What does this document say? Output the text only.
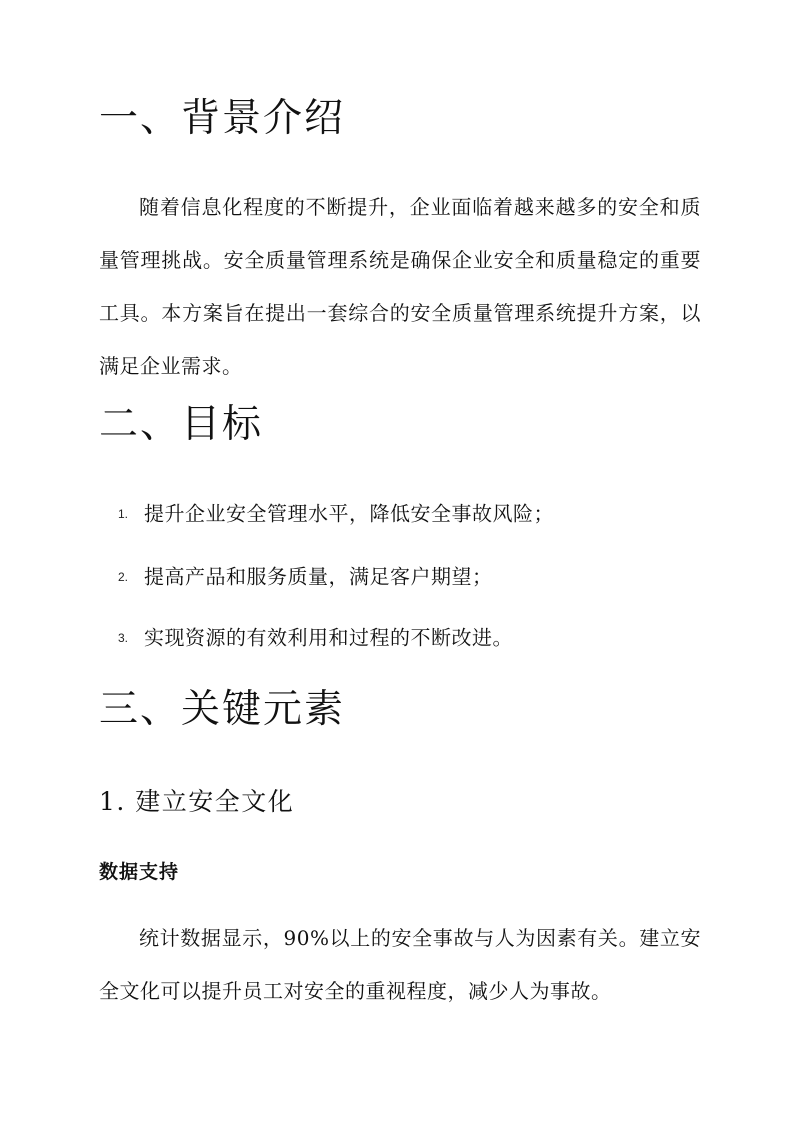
一、背景介绍

随着信息化程度的不断提升，企业面临着越来越多的安全和质量管理挑战。安全质量管理系统是确保企业安全和质量稳定的重要工具。本方案旨在提出一套综合的安全质量管理系统提升方案，以满足企业需求。

二、目标
1. 提升企业安全管理水平，降低安全事故风险；
2. 提高产品和服务质量，满足客户期望；
3. 实现资源的有效利用和过程的不断改进。
三、关键元素
1. 建立安全文化
数据支持

统计数据显示，90%以上的安全事故与人为因素有关。建立安全文化可以提升员工对安全的重视程度，减少人为事故。
